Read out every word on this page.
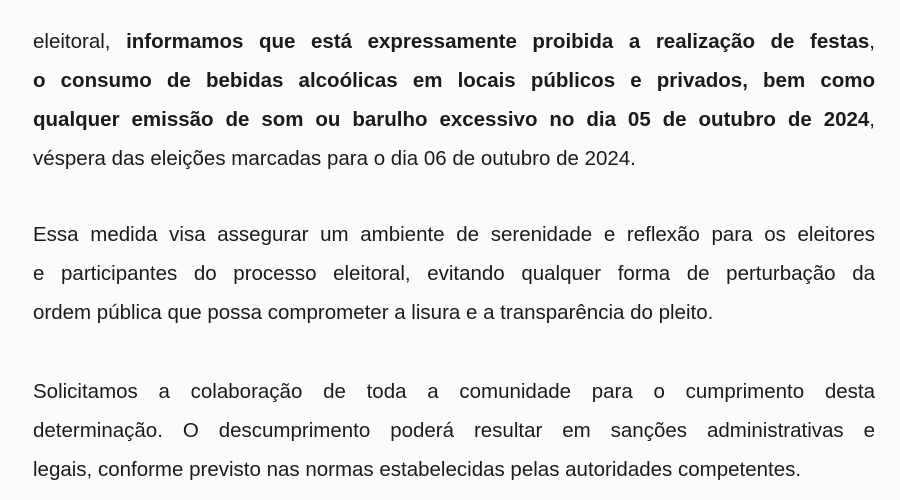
eleitoral, informamos que está expressamente proibida a realização de festas,
o consumo de bebidas alcoólicas em locais públicos e privados, bem como
qualquer emissão de som ou barulho excessivo no dia 05 de outubro de 2024,
véspera das eleições marcadas para o dia 06 de outubro de 2024.
Essa medida visa assegurar um ambiente de serenidade e reflexão para os eleitores
e participantes do processo eleitoral, evitando qualquer forma de perturbação da
ordem pública que possa comprometer a lisura e a transparência do pleito.
Solicitamos a colaboração de toda a comunidade para o cumprimento desta
determinação. O descumprimento poderá resultar em sanções administrativas e
legais, conforme previsto nas normas estabelecidas pelas autoridades competentes.
